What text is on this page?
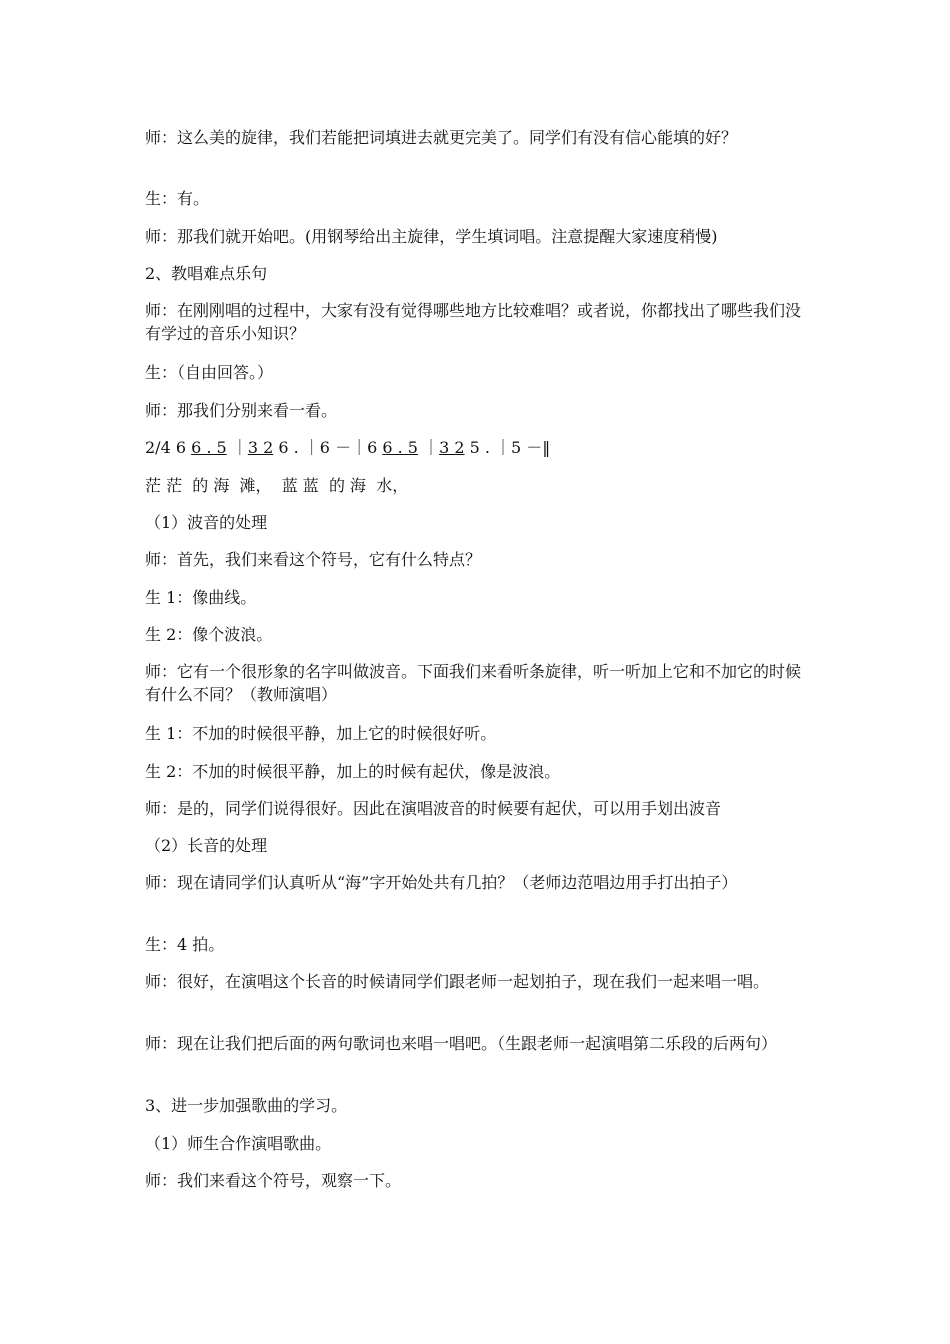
师：这么美的旋律，我们若能把词填进去就更完美了。同学们有没有信心能填的好？
生：有。
师：那我们就开始吧。(用钢琴给出主旋律，学生填词唱。注意提醒大家速度稍慢)
2、教唱难点乐句
师：在刚刚唱的过程中，大家有没有觉得哪些地方比较难唱？或者说，你都找出了哪些我们没有学过的音乐小知识？
生：（自由回答。）
师：那我们分别来看一看。
2/4 6 6 . 5 ｜3 2 6 . ｜6 －｜6 6 . 5 ｜3 2 5 . ｜5 －‖
茫 茫  的 海  滩，  蓝 蓝  的 海  水，
（1）波音的处理
师：首先，我们来看这个符号，它有什么特点？
生 1：像曲线。
生 2：像个波浪。
师：它有一个很形象的名字叫做波音。下面我们来看听条旋律，听一听加上它和不加它的时候有什么不同？（教师演唱）
生 1：不加的时候很平静，加上它的时候很好听。
生 2：不加的时候很平静，加上的时候有起伏，像是波浪。
师：是的，同学们说得很好。因此在演唱波音的时候要有起伏，可以用手划出波音
（2）长音的处理
师：现在请同学们认真听从“海”字开始处共有几拍？（老师边范唱边用手打出拍子）
生：4 拍。
师：很好，在演唱这个长音的时候请同学们跟老师一起划拍子，现在我们一起来唱一唱。
师：现在让我们把后面的两句歌词也来唱一唱吧。（生跟老师一起演唱第二乐段的后两句）
3、进一步加强歌曲的学习。
（1）师生合作演唱歌曲。
师：我们来看这个符号，观察一下。
